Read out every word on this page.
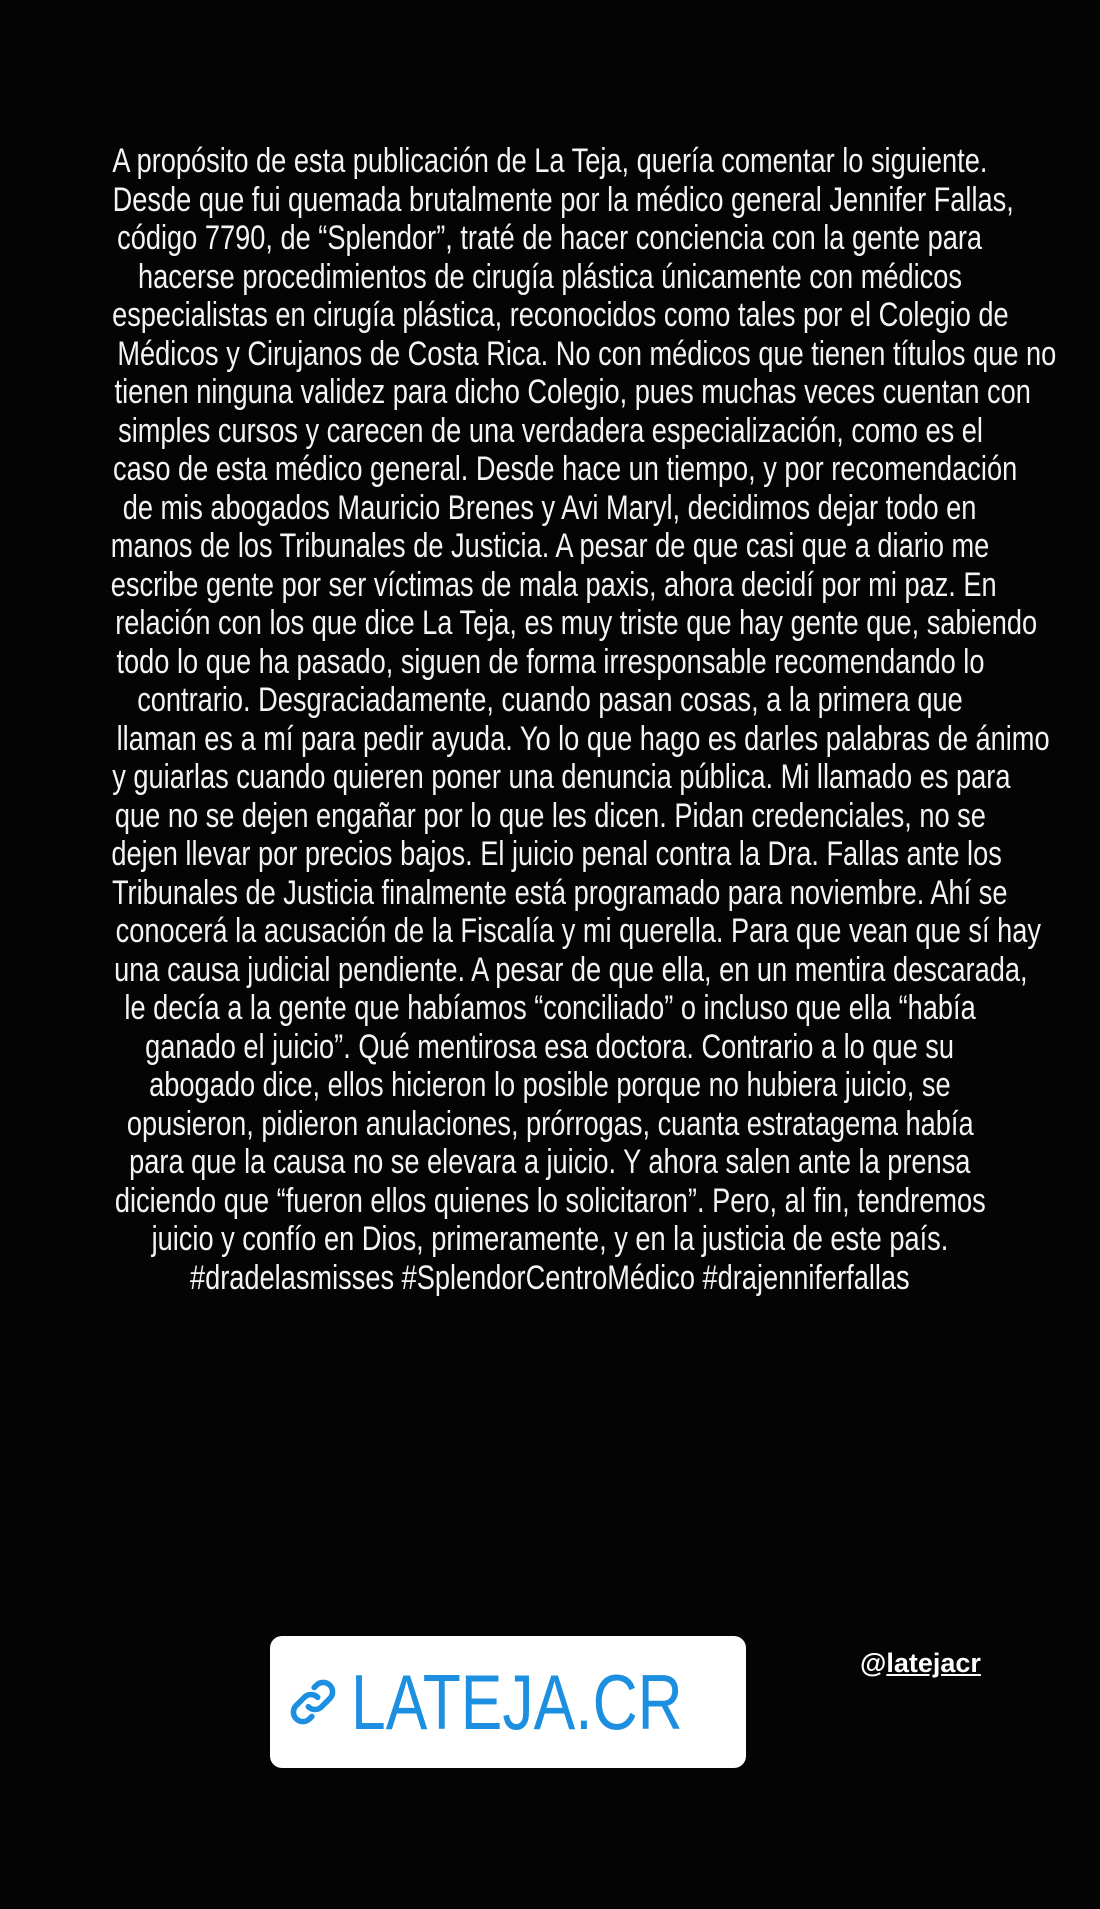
A propósito de esta publicación de La Teja, quería comentar lo siguiente.
Desde que fui quemada brutalmente por la médico general Jennifer Fallas,
código 7790, de “Splendor”, traté de hacer conciencia con la gente para
hacerse procedimientos de cirugía plástica únicamente con médicos
especialistas en cirugía plástica, reconocidos como tales por el Colegio de
Médicos y Cirujanos de Costa Rica. No con médicos que tienen títulos que no
tienen ninguna validez para dicho Colegio, pues muchas veces cuentan con
simples cursos y carecen de una verdadera especialización, como es el
caso de esta médico general. Desde hace un tiempo, y por recomendación
de mis abogados Mauricio Brenes y Avi Maryl, decidimos dejar todo en
manos de los Tribunales de Justicia. A pesar de que casi que a diario me
escribe gente por ser víctimas de mala paxis, ahora decidí por mi paz. En
relación con los que dice La Teja, es muy triste que hay gente que, sabiendo
todo lo que ha pasado, siguen de forma irresponsable recomendando lo
contrario. Desgraciadamente, cuando pasan cosas, a la primera que
llaman es a mí para pedir ayuda. Yo lo que hago es darles palabras de ánimo
y guiarlas cuando quieren poner una denuncia pública. Mi llamado es para
que no se dejen engañar por lo que les dicen. Pidan credenciales, no se
dejen llevar por precios bajos. El juicio penal contra la Dra. Fallas ante los
Tribunales de Justicia finalmente está programado para noviembre. Ahí se
conocerá la acusación de la Fiscalía y mi querella. Para que vean que sí hay
una causa judicial pendiente. A pesar de que ella, en un mentira descarada,
le decía a la gente que habíamos “conciliado” o incluso que ella “había
ganado el juicio”. Qué mentirosa esa doctora. Contrario a lo que su
abogado dice, ellos hicieron lo posible porque no hubiera juicio, se
opusieron, pidieron anulaciones, prórrogas, cuanta estratagema había
para que la causa no se elevara a juicio. Y ahora salen ante la prensa
diciendo que “fueron ellos quienes lo solicitaron”. Pero, al fin, tendremos
juicio y confío en Dios, primeramente, y en la justicia de este país.
#dradelasmisses #SplendorCentroMédico #drajenniferfallas
LATEJA.CR	@latejacr
